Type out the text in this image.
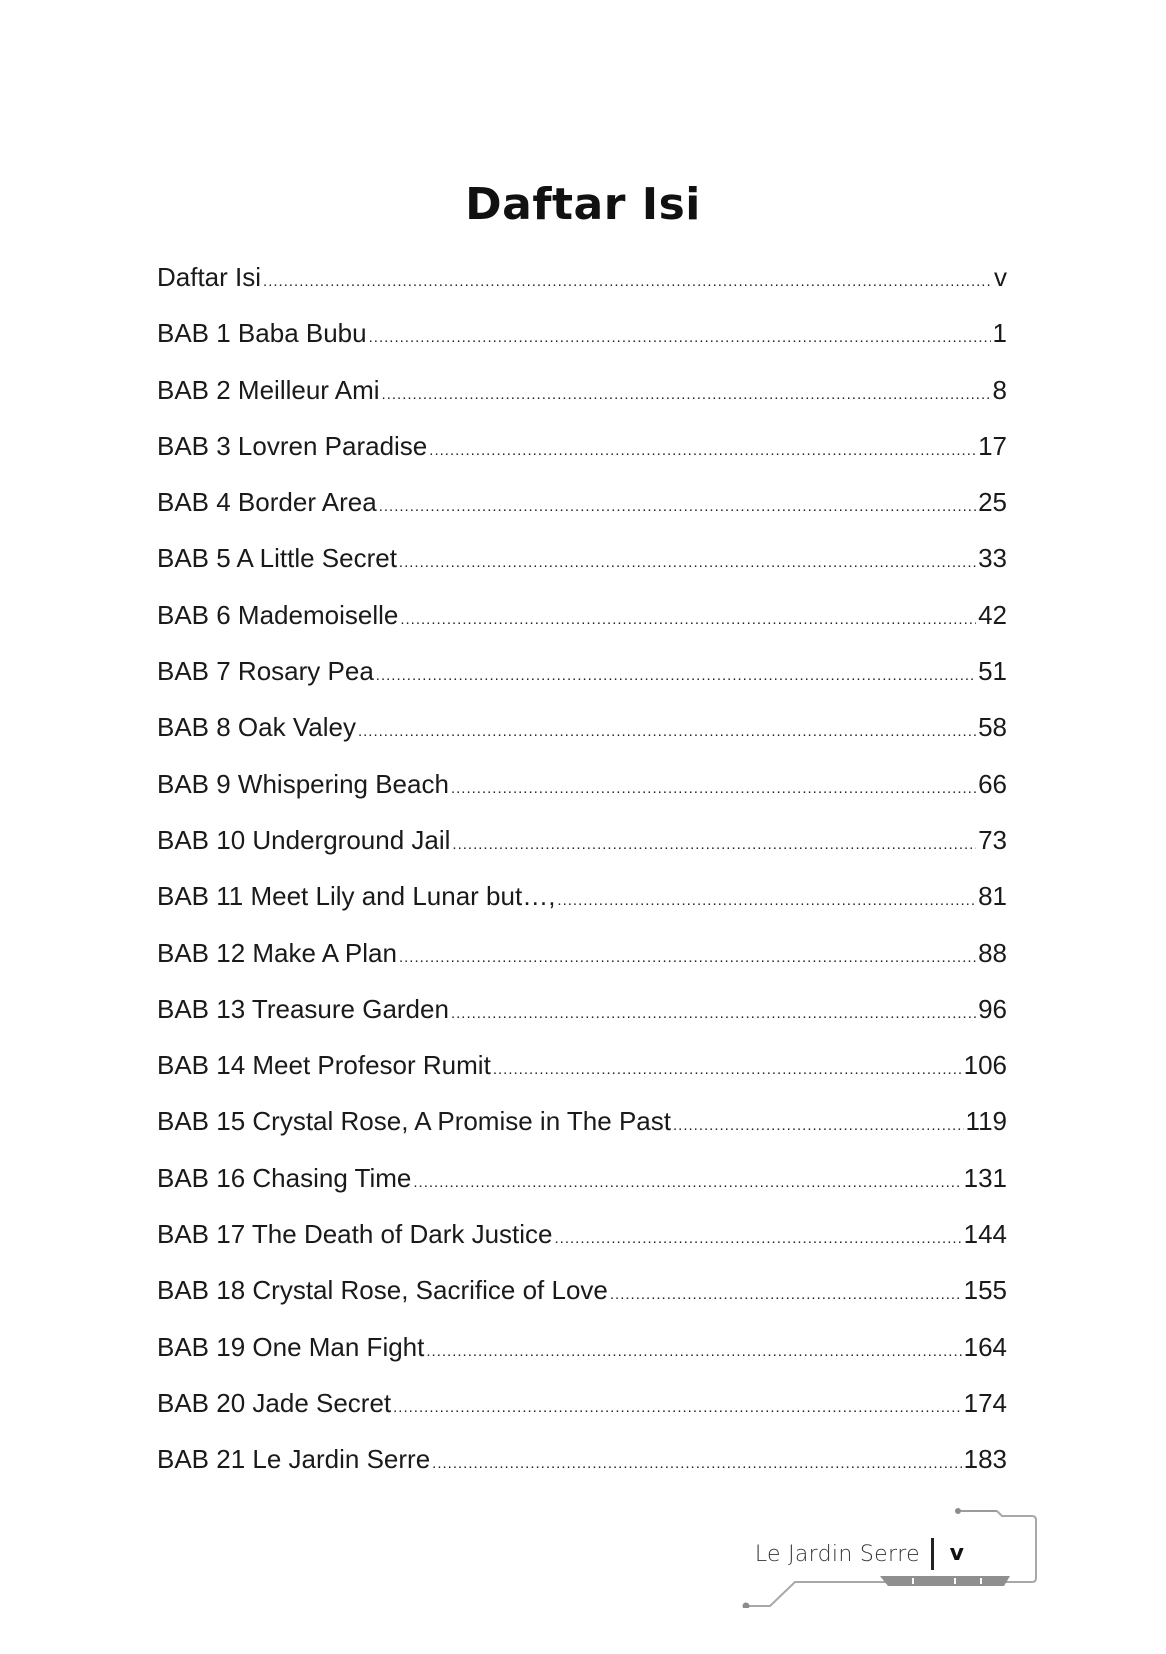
Daftar Isi
Daftar Isi .....	v
BAB 1 Baba Bubu .....	1
BAB 2 Meilleur Ami .....	8
BAB 3 Lovren Paradise .....	17
BAB 4 Border Area .....	25
BAB 5 A Little Secret .....	33
BAB 6 Mademoiselle .....	42
BAB 7 Rosary Pea .....	51
BAB 8 Oak Valey .....	58
BAB 9 Whispering Beach .....	66
BAB 10 Underground Jail .....	73
BAB 11 Meet Lily and Lunar but…, .....	81
BAB 12 Make A Plan .....	88
BAB 13 Treasure Garden .....	96
BAB 14 Meet Profesor Rumit .....	106
BAB 15 Crystal Rose, A Promise in The Past .....	119
BAB 16 Chasing Time .....	131
BAB 17 The Death of Dark Justice .....	144
BAB 18 Crystal Rose, Sacrifice of Love .....	155
BAB 19 One Man Fight .....	164
BAB 20 Jade Secret .....	174
BAB 21 Le Jardin Serre .....	183
Le Jardin Serre v
